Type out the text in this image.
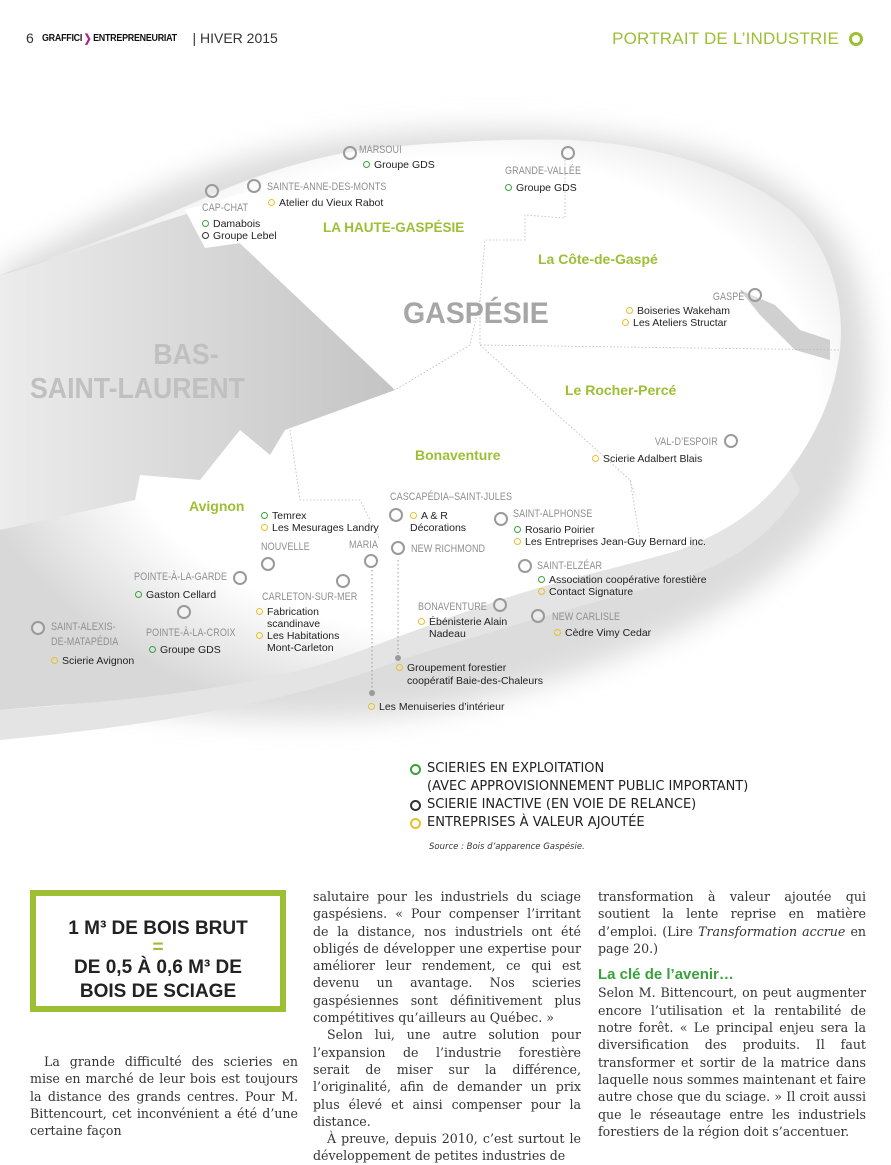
6 GRAFFICI ❯ ENTREPRENEURIAT | HIVER 2015	PORTRAIT DE L’INDUSTRIE
BAS-
SAINT-LAURENT
GASPÉSIE
LA HAUTE-GASPÉSIE
La Côte-de-Gaspé
Le Rocher-Percé
Bonaventure
Avignon
MARSOUI
Groupe GDS	GRANDE-VALLÉE
Groupe GDS
SAINTE-ANNE-DES-MONTS
Atelier du Vieux Rabot
CAP-CHAT
Damabois
Groupe Lebel
GASPÉ
Boiseries Wakeham
Les Ateliers Structar
VAL-D’ESPOIR
Scierie Adalbert Blais
CASCAPÉDIA–SAINT-JULES
A & R
Décorations
Temrex
Les Mesurages Landry
SAINT-ALPHONSE
Rosario Poirier
Les Entreprises Jean-Guy Bernard inc.
NOUVELLE	MARIA	NEW RICHMOND
SAINT-ELZÉAR
Association coopérative forestière
Contact Signature
POINTE-À-LA-GARDE
Gaston Cellard	CARLETON-SUR-MER
Fabrication
scandinave
Les Habitations
Mont-Carleton
BONAVENTURE
Ébénisterie Alain
Nadeau
NEW CARLISLE
Cèdre Vimy Cedar
POINTE-À-LA-CROIX
Groupe GDS
SAINT-ALEXIS-
DE-MATAPÉDIA
Scierie Avignon
Groupement forestier
coopératif Baie-des-Chaleurs
Les Menuiseries d’intérieur
SCIERIES EN EXPLOITATION
(AVEC APPROVISIONNEMENT PUBLIC IMPORTANT)
SCIERIE INACTIVE (EN VOIE DE RELANCE)
ENTREPRISES À VALEUR AJOUTÉE
Source : Bois d’apparence Gaspésie.
1 M³ DE BOIS BRUT
=
DE 0,5 À 0,6 M³ DE
BOIS DE SCIAGE

La grande difficulté des scieries en mise en marché de leur bois est toujours la distance des grands centres. Pour M. Bittencourt, cet inconvénient a été d’une certaine façon

salutaire pour les industriels du sciage gaspésiens. « Pour compenser l’irritant de la distance, nos industriels ont été obligés de développer une expertise pour améliorer leur rendement, ce qui est devenu un avantage. Nos scieries gaspésiennes sont définitivement plus compétitives qu’ailleurs au Québec. »

Selon lui, une autre solution pour l’expansion de l’industrie forestière serait de miser sur la différence, l’originalité, afin de demander un prix plus élevé et ainsi compenser pour la distance.

À preuve, depuis 2010, c’est surtout le développement de petites industries de

transformation à valeur ajoutée qui soutient la lente reprise en matière d’emploi. (Lire Transformation accrue en page 20.)

La clé de l’avenir…

Selon M. Bittencourt, on peut augmenter encore l’utilisation et la rentabilité de notre forêt. « Le principal enjeu sera la diversification des produits. Il faut transformer et sortir de la matrice dans laquelle nous sommes maintenant et faire autre chose que du sciage. » Il croit aussi que le réseautage entre les industriels forestiers de la région doit s’accentuer.
